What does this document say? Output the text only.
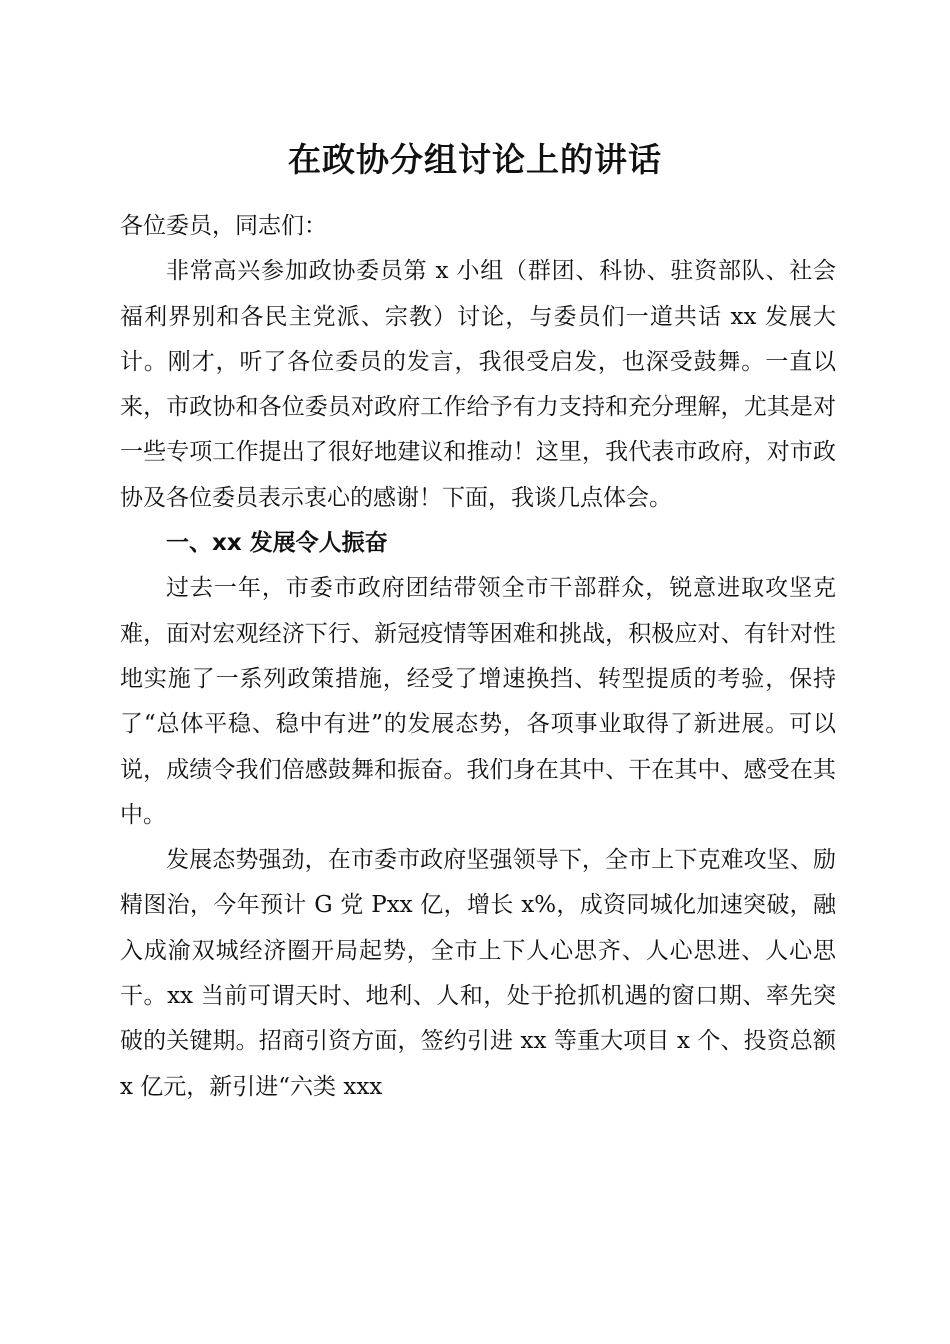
在政协分组讨论上的讲话

各位委员，同志们：

非常高兴参加政协委员第 x 小组（群团、科协、驻资部队、社会福利界别和各民主党派、宗教）讨论，与委员们一道共话 xx 发展大计。刚才，听了各位委员的发言，我很受启发，也深受鼓舞。一直以来，市政协和各位委员对政府工作给予有力支持和充分理解，尤其是对一些专项工作提出了很好地建议和推动！这里，我代表市政府，对市政协及各位委员表示衷心的感谢！下面，我谈几点体会。

一、xx 发展令人振奋

过去一年，市委市政府团结带领全市干部群众，锐意进取攻坚克难，面对宏观经济下行、新冠疫情等困难和挑战，积极应对、有针对性地实施了一系列政策措施，经受了增速换挡、转型提质的考验，保持了“总体平稳、稳中有进”的发展态势，各项事业取得了新进展。可以说，成绩令我们倍感鼓舞和振奋。我们身在其中、干在其中、感受在其中。

发展态势强劲，在市委市政府坚强领导下，全市上下克难攻坚、励精图治，今年预计 G 党 Pxx 亿，增长 x%，成资同城化加速突破，融入成渝双城经济圈开局起势，全市上下人心思齐、人心思进、人心思干。xx 当前可谓天时、地利、人和，处于抢抓机遇的窗口期、率先突破的关键期。招商引资方面，签约引进 xx 等重大项目 x 个、投资总额 x 亿元，新引进“六类 xxx
